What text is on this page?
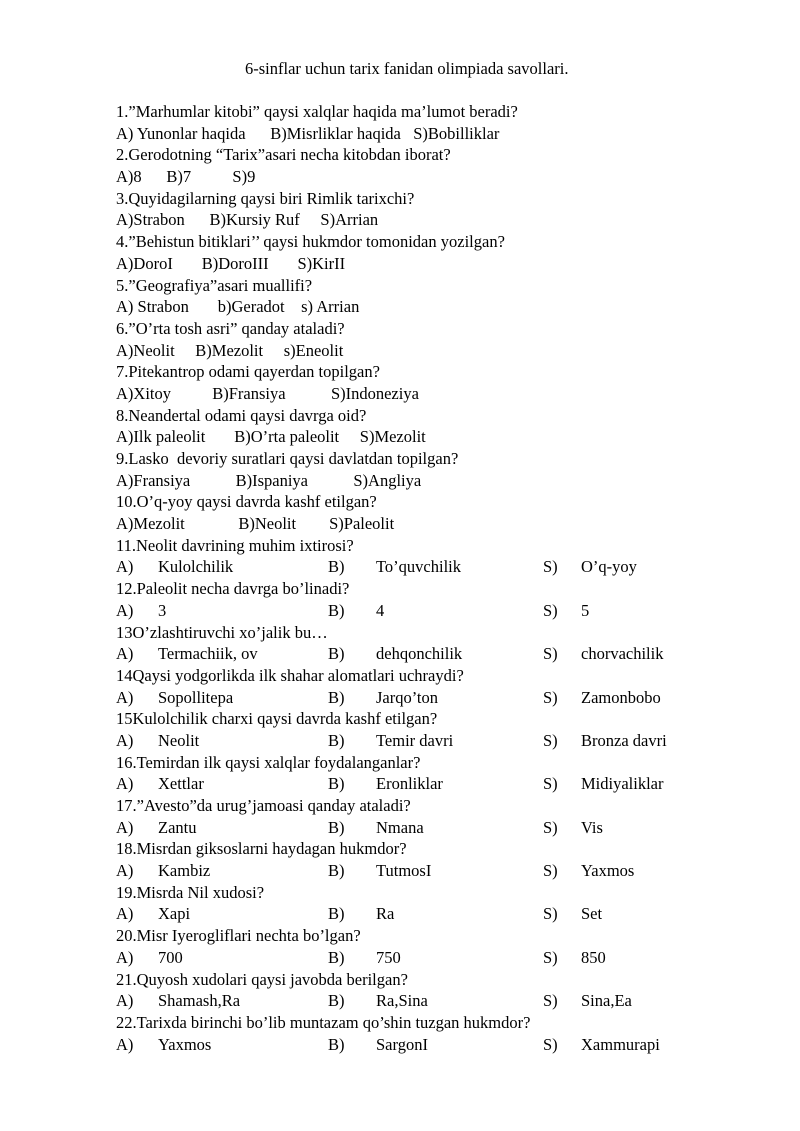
6-sinflar uchun tarix fanidan olimpiada savollari.
1.”Marhumlar kitobi” qaysi xalqlar haqida ma’lumot beradi?
A) Yunonlar haqida      B)Misrliklar haqida   S)Bobilliklar
2.Gerodotning “Tarix”asari necha kitobdan iborat?
A)8      B)7          S)9
3.Quyidagilarning qaysi biri Rimlik tarixchi?
A)Strabon      B)Kursiy Ruf     S)Arrian
4.”Behistun bitiklari’’ qaysi hukmdor tomonidan yozilgan?
A)DoroI       B)DoroIII       S)KirII
5.”Geografiya”asari muallifi?
A) Strabon       b)Geradot    s) Arrian
6.”O’rta tosh asri” qanday ataladi?
A)Neolit     B)Mezolit     s)Eneolit
7.Pitekantrop odami qayerdan topilgan?
A)Xitoy          B)Fransiya           S)Indoneziya
8.Neandertal odami qaysi davrga oid?
A)Ilk paleolit       B)O’rta paleolit     S)Mezolit
9.Lasko  devoriy suratlari qaysi davlatdan topilgan?
A)Fransiya           B)Ispaniya           S)Angliya
10.O’q-yoy qaysi davrda kashf etilgan?
A)Mezolit             B)Neolit        S)Paleolit
11.Neolit davrining muhim ixtirosi?
A) Kulolchilik	B) To’quvchilik	S) O’q-yoy
12.Paleolit necha davrga bo’linadi?
A) 3	B) 4	S) 5
13O’zlashtiruvchi xo’jalik bu…
A) Termachiik, ov	B) dehqonchilik	S) chorvachilik
14Qaysi yodgorlikda ilk shahar alomatlari uchraydi?
A) Sopollitepa	B) Jarqo’ton	S) Zamonbobo
15Kulolchilik charxi qaysi davrda kashf etilgan?
A) Neolit	B) Temir davri	S) Bronza davri
16.Temirdan ilk qaysi xalqlar foydalanganlar?
A) Xettlar	B) Eronliklar	S) Midiyaliklar
17.”Avesto”da urug’jamoasi qanday ataladi?
A) Zantu	B) Nmana	S) Vis
18.Misrdan giksoslarni haydagan hukmdor?
A) Kambiz	B) TutmosI	S) Yaxmos
19.Misrda Nil xudosi?
A) Xapi	B) Ra	S) Set
20.Misr Iyerogliflari nechta bo’lgan?
A) 700	B) 750	S) 850
21.Quyosh xudolari qaysi javobda berilgan?
A) Shamash,Ra	B) Ra,Sina	S) Sina,Ea
22.Tarixda birinchi bo’lib muntazam qo’shin tuzgan hukmdor?
A) Yaxmos	B) SargonI	S) Xammurapi
